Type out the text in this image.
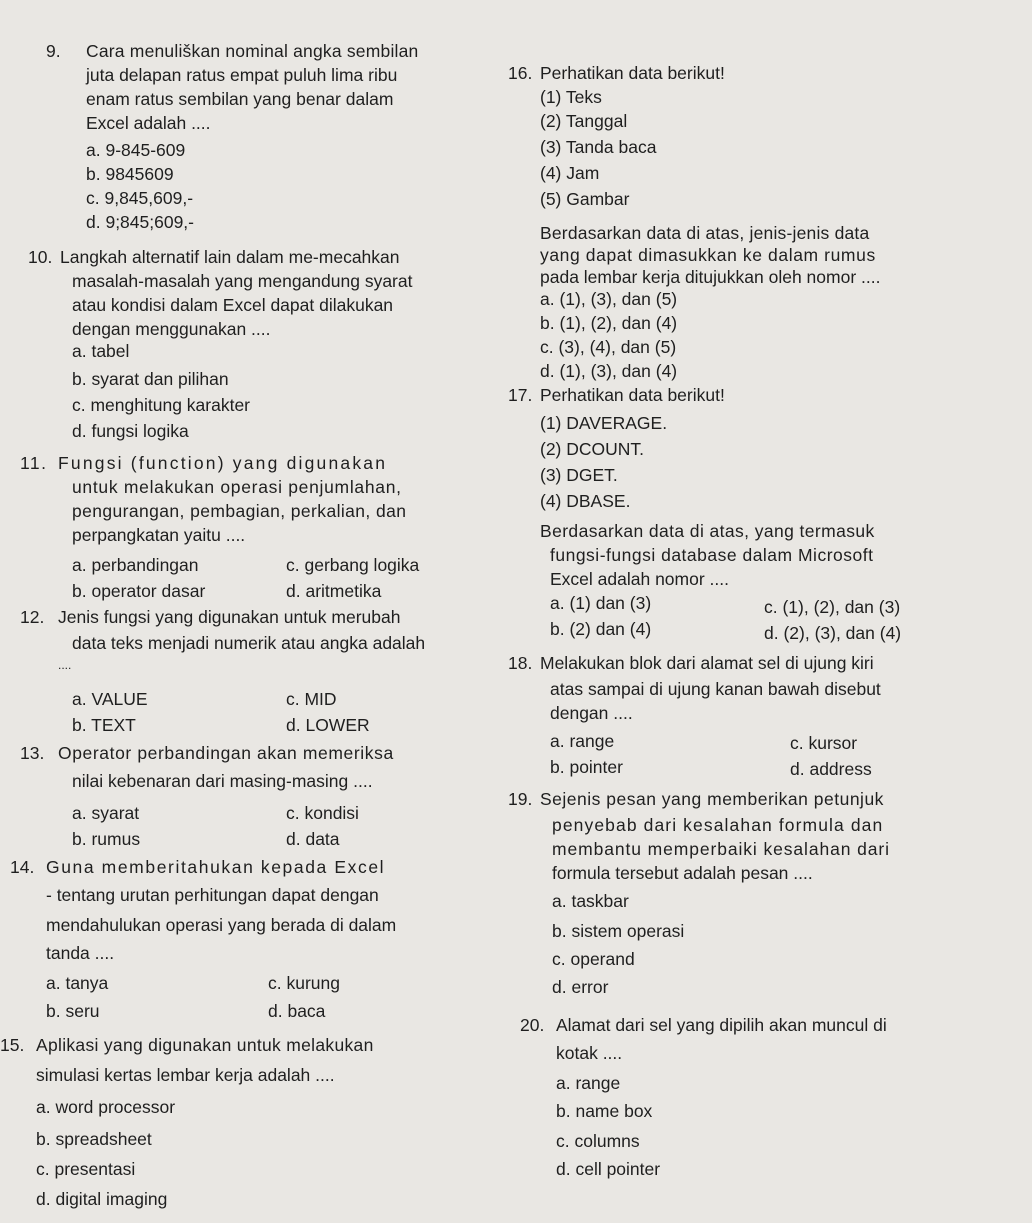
9. Cara menuliškan nominal angka sembilan
juta delapan ratus empat puluh lima ribu
enam ratus sembilan yang benar dalam
Excel adalah ....
a. 9-845-609
b. 9845609
c. 9,845,609,-
d. 9;845;609,-
10. Langkah alternatif lain dalam me-mecahkan
masalah-masalah yang mengandung syarat
atau kondisi dalam Excel dapat dilakukan
dengan menggunakan ....
a. tabel
b. syarat dan pilihan
c. menghitung karakter
d. fungsi logika
11. Fungsi (function) yang digunakan
untuk melakukan operasi penjumlahan,
pengurangan, pembagian, perkalian, dan
perpangkatan yaitu ....
a. perbandingan	c. gerbang logika
b. operator dasar	d. aritmetika
12. Jenis fungsi yang digunakan untuk merubah
data teks menjadi numerik atau angka adalah
....
a. VALUE	c. MID
b. TEXT	d. LOWER
13. Operator perbandingan akan memeriksa
nilai kebenaran dari masing-masing ....
a. syarat	c. kondisi
b. rumus	d. data
14. Guna memberitahukan kepada Excel
- tentang urutan perhitungan dapat dengan
mendahulukan operasi yang berada di dalam
tanda ....
a. tanya	c. kurung
b. seru	d. baca
15. Aplikasi yang digunakan untuk melakukan
simulasi kertas lembar kerja adalah ....
a. word processor
b. spreadsheet
c. presentasi
d. digital imaging
16. Perhatikan data berikut!
(1) Teks
(2) Tanggal
(3) Tanda baca
(4) Jam
(5) Gambar
Berdasarkan data di atas, jenis-jenis data
yang dapat dimasukkan ke dalam rumus
pada lembar kerja ditujukkan oleh nomor ....
a. (1), (3), dan (5)
b. (1), (2), dan (4)
c. (3), (4), dan (5)
d. (1), (3), dan (4)
17. Perhatikan data berikut!
(1) DAVERAGE.
(2) DCOUNT.
(3) DGET.
(4) DBASE.
Berdasarkan data di atas, yang termasuk
fungsi-fungsi database dalam Microsoft
Excel adalah nomor ....
a. (1) dan (3)	c. (1), (2), dan (3)
b. (2) dan (4)	d. (2), (3), dan (4)
18. Melakukan blok dari alamat sel di ujung kiri
atas sampai di ujung kanan bawah disebut
dengan ....
a. range	c. kursor
b. pointer	d. address
19. Sejenis pesan yang memberikan petunjuk
penyebab dari kesalahan formula dan
membantu memperbaiki kesalahan dari
formula tersebut adalah pesan ....
a. taskbar
b. sistem operasi
c. operand
d. error
20. Alamat dari sel yang dipilih akan muncul di
kotak ....
a. range
b. name box
c. columns
d. cell pointer
